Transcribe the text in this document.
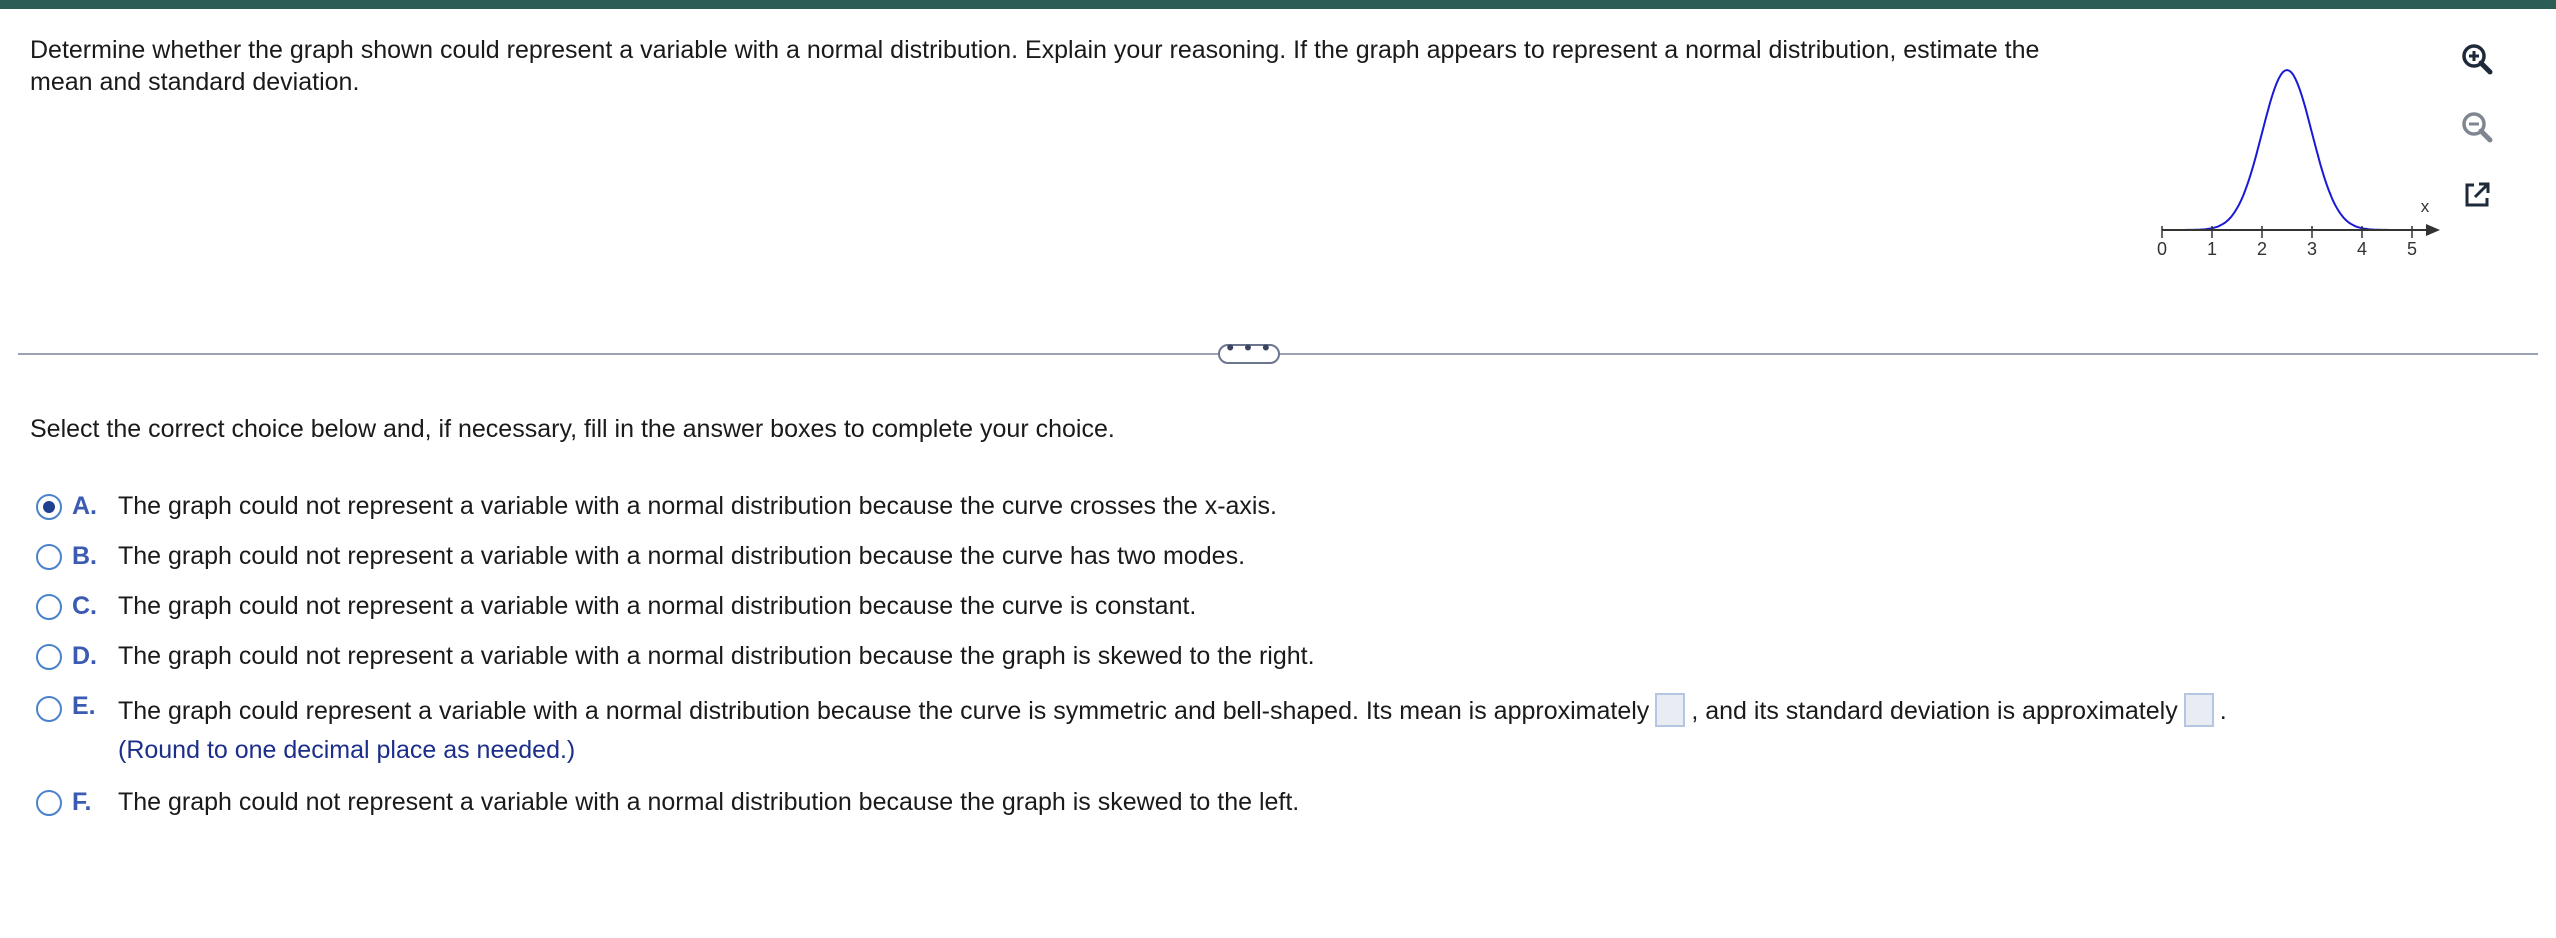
Determine whether the graph shown could represent a variable with a normal distribution. Explain your reasoning. If the graph appears to represent a normal distribution, estimate the mean and standard deviation.
0 1 2 3 4 5
x
• • •
Select the correct choice below and, if necessary, fill in the answer boxes to complete your choice.
A. The graph could not represent a variable with a normal distribution because the curve crosses the x-axis.
B. The graph could not represent a variable with a normal distribution because the curve has two modes.
C. The graph could not represent a variable with a normal distribution because the curve is constant.
D. The graph could not represent a variable with a normal distribution because the graph is skewed to the right.
E. The graph could represent a variable with a normal distribution because the curve is symmetric and bell-shaped. Its mean is approximately , and its standard deviation is approximately .
(Round to one decimal place as needed.)
F. The graph could not represent a variable with a normal distribution because the graph is skewed to the left.
